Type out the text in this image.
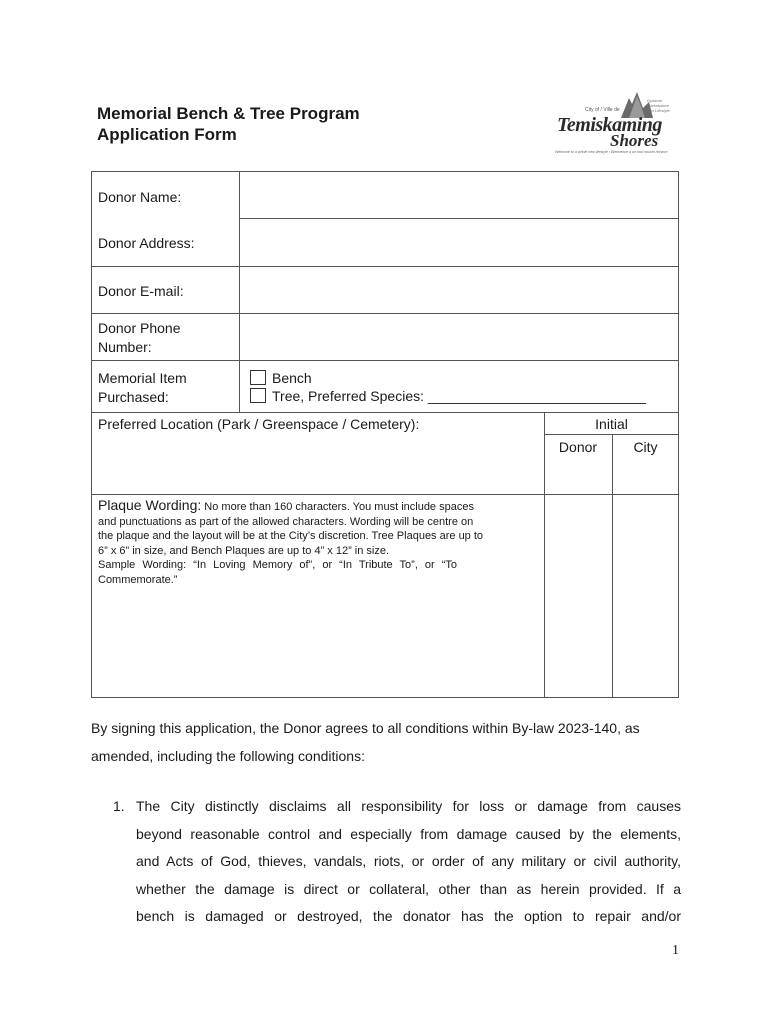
Memorial Bench & Tree Program
Application Form
Dynamic
Marketplace
Fun Lifestyle
City of / Ville de
Temiskaming
Shores
Welcome to a whole new lifestyle • Bienvenue à un tout nouvel horizon
Donor Name:
Donor Address:
Donor E-mail:
Donor Phone
Number:
Memorial Item
Purchased:
Bench
Tree, Preferred Species: ____________________________
Preferred Location (Park / Greenspace / Cemetery):	Initial
Donor	City
Plaque Wording: No more than 160 characters. You must include spaces
and punctuations as part of the allowed characters. Wording will be centre on
the plaque and the layout will be at the City’s discretion. Tree Plaques are up to
6” x 6” in size, and Bench Plaques are up to 4” x 12” in size.
Sample Wording: “In Loving Memory of”, or “In Tribute To”, or “To
Commemorate.”
By signing this application, the Donor agrees to all conditions within By-law 2023-140, as
amended, including the following conditions:
1. The City distinctly disclaims all responsibility for loss or damage from causes
beyond reasonable control and especially from damage caused by the elements,
and Acts of God, thieves, vandals, riots, or order of any military or civil authority,
whether the damage is direct or collateral, other than as herein provided. If a
bench is damaged or destroyed, the donator has the option to repair and/or
1
